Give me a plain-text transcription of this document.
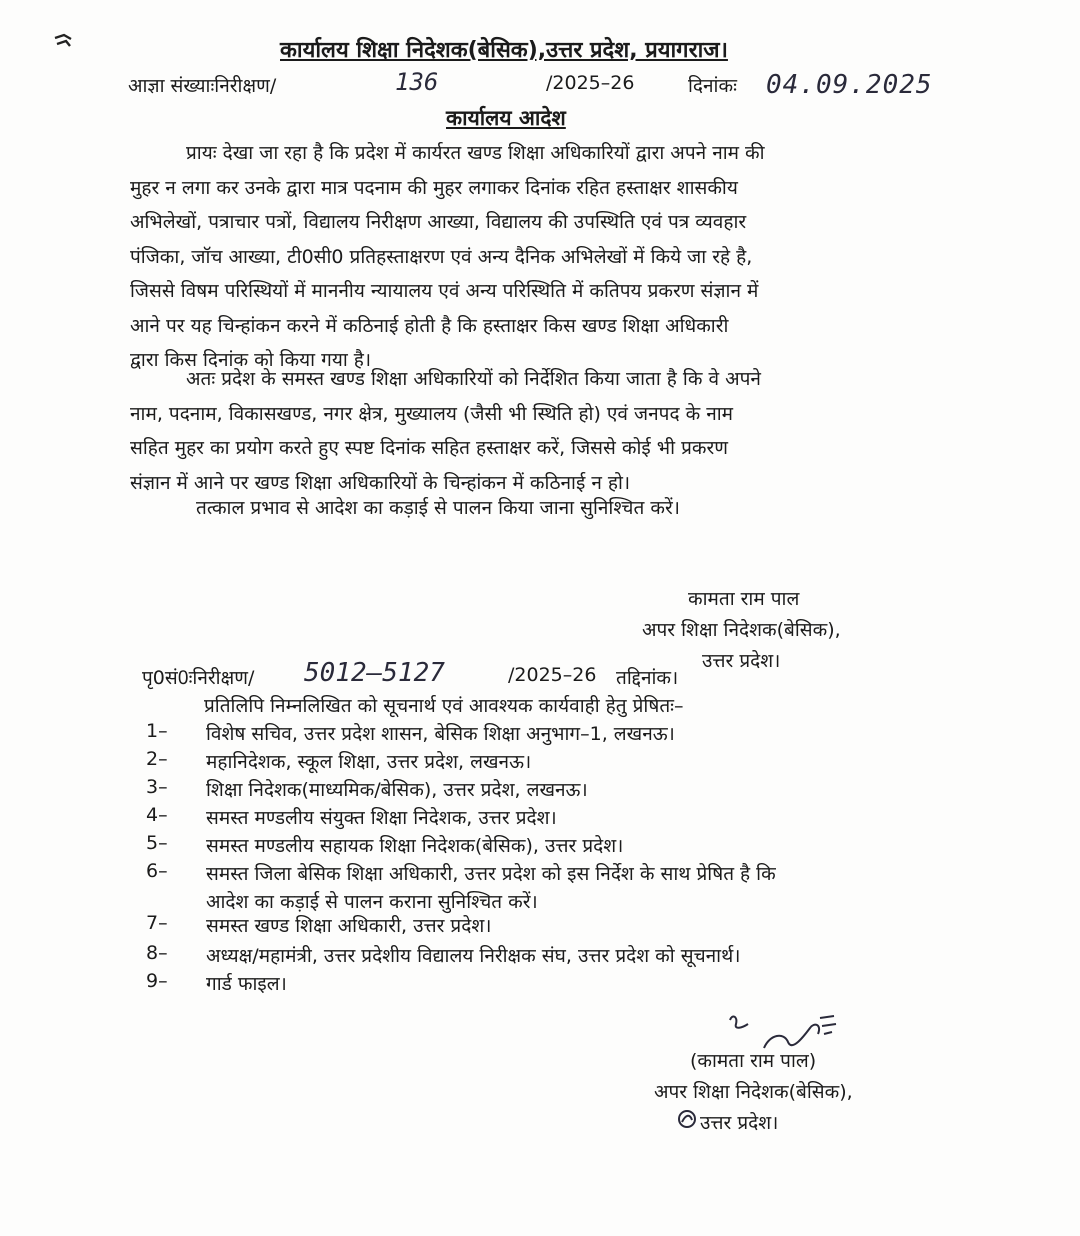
कार्यालय शिक्षा निदेशक(बेसिक),उत्तर प्रदेश, प्रयागराज।
आज्ञा संख्याःनिरीक्षण/	136	/2025–26	दिनांकः 04.09.2025
कार्यालय आदेश
प्रायः देखा जा रहा है कि प्रदेश में कार्यरत खण्ड शिक्षा अधिकारियों द्वारा अपने नाम की
मुहर न लगा कर उनके द्वारा मात्र पदनाम की मुहर लगाकर दिनांक रहित हस्ताक्षर शासकीय
अभिलेखों, पत्राचार पत्रों, विद्यालय निरीक्षण आख्या, विद्यालय की उपस्थिति एवं पत्र व्यवहार
पंजिका, जॉच आख्या, टी0सी0 प्रतिहस्ताक्षरण एवं अन्य दैनिक अभिलेखों में किये जा रहे है,
जिससे विषम परिस्थियों में माननीय न्यायालय एवं अन्य परिस्थिति में कतिपय प्रकरण संज्ञान में
आने पर यह चिन्हांकन करने में कठिनाई होती है कि हस्ताक्षर किस खण्ड शिक्षा अधिकारी
द्वारा किस दिनांक को किया गया है।
अतः प्रदेश के समस्त खण्ड शिक्षा अधिकारियों को निर्देशित किया जाता है कि वे अपने
नाम, पदनाम, विकासखण्ड, नगर क्षेत्र, मुख्यालय (जैसी भी स्थिति हो) एवं जनपद के नाम
सहित मुहर का प्रयोग करते हुए स्पष्ट दिनांक सहित हस्ताक्षर करें, जिससे कोई भी प्रकरण
संज्ञान में आने पर खण्ड शिक्षा अधिकारियों के चिन्हांकन में कठिनाई न हो।
तत्काल प्रभाव से आदेश का कड़ाई से पालन किया जाना सुनिश्चित करें।
कामता राम पाल
अपर शिक्षा निदेशक(बेसिक),
उत्तर प्रदेश।
पृ0सं0ःनिरीक्षण/ 5012–5127	/2025–26 तद्दिनांक।
प्रतिलिपि निम्नलिखित को सूचनार्थ एवं आवश्यक कार्यवाही हेतु प्रेषितः–
1–	विशेष सचिव, उत्तर प्रदेश शासन, बेसिक शिक्षा अनुभाग–1, लखनऊ।
2–	महानिदेशक, स्कूल शिक्षा, उत्तर प्रदेश, लखनऊ।
3–	शिक्षा निदेशक(माध्यमिक/बेसिक), उत्तर प्रदेश, लखनऊ।
4–	समस्त मण्डलीय संयुक्त शिक्षा निदेशक, उत्तर प्रदेश।
5–	समस्त मण्डलीय सहायक शिक्षा निदेशक(बेसिक), उत्तर प्रदेश।
6–	समस्त जिला बेसिक शिक्षा अधिकारी, उत्तर प्रदेश को इस निर्देश के साथ प्रेषित है कि
आदेश का कड़ाई से पालन कराना सुनिश्चित करें।
7–	समस्त खण्ड शिक्षा अधिकारी, उत्तर प्रदेश।
8–	अध्यक्ष/महामंत्री, उत्तर प्रदेशीय विद्यालय निरीक्षक संघ, उत्तर प्रदेश को सूचनार्थ।
9–	गार्ड फाइल।
(कामता राम पाल)
अपर शिक्षा निदेशक(बेसिक),
उत्तर प्रदेश।
